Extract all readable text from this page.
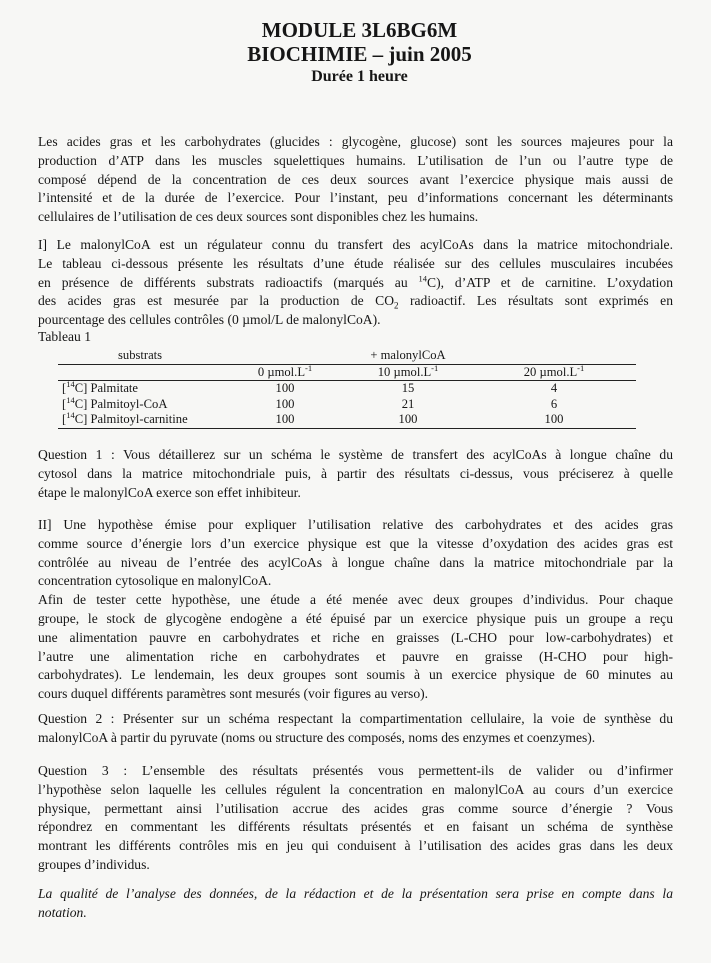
MODULE 3L6BG6M
BIOCHIMIE – juin 2005
Durée 1 heure
Les acides gras et les carbohydrates (glucides : glycogène, glucose) sont les sources majeures pour la
production d’ATP dans les muscles squelettiques humains. L’utilisation de l’un ou l’autre type de
composé dépend de la concentration de ces deux sources avant l’exercice physique mais aussi de
l’intensité et de la durée de l’exercice. Pour l’instant, peu d’informations concernant les déterminants
cellulaires de l’utilisation de ces deux sources sont disponibles chez les humains.
I] Le malonylCoA est un régulateur connu du transfert des acylCoAs dans la matrice mitochondriale.
Le tableau ci-dessous présente les résultats d’une étude réalisée sur des cellules musculaires incubées
en présence de différents substrats radioactifs (marqués au $^{14}$C), d’ATP et de carnitine. L’oxydation
des acides gras est mesurée par la production de $CO_2$ radioactif. Les résultats sont exprimés en
pourcentage des cellules contrôles (0 µmol/L de malonylCoA).
Tableau 1
substrats		+ malonylCoA	
	0 $\mu mol.L^{-1}$	10 $\mu mol.L^{-1}$	20 $\mu mol.L^{-1}$

[$^{14}$C] Palmitate	100	15	4
[$^{14}$C] Palmitoyl-CoA	100	21	6
[$^{14}$C] Palmitoyl-carnitine	100	100	100
Question 1 : Vous détaillerez sur un schéma le système de transfert des acylCoAs à longue chaîne du
cytosol dans la matrice mitochondriale puis, à partir des résultats ci-dessus, vous préciserez à quelle
étape le malonylCoA exerce son effet inhibiteur.
II] Une hypothèse émise pour expliquer l’utilisation relative des carbohydrates et des acides gras
comme source d’énergie lors d’un exercice physique est que la vitesse d’oxydation des acides gras est
contrôlée au niveau de l’entrée des acylCoAs à longue chaîne dans la matrice mitochondriale par la
concentration cytosolique en malonylCoA.
Afin de tester cette hypothèse, une étude a été menée avec deux groupes d’individus. Pour chaque
groupe, le stock de glycogène endogène a été épuisé par un exercice physique puis un groupe a reçu
une alimentation pauvre en carbohydrates et riche en graisses (L-CHO pour low-carbohydrates) et
l’autre une alimentation riche en carbohydrates et pauvre en graisse (H-CHO pour high-
carbohydrates). Le lendemain, les deux groupes sont soumis à un exercice physique de 60 minutes au
cours duquel différents paramètres sont mesurés (voir figures au verso).
Question 2 : Présenter sur un schéma respectant la compartimentation cellulaire, la voie de synthèse du
malonylCoA à partir du pyruvate (noms ou structure des composés, noms des enzymes et coenzymes).
Question 3 : L’ensemble des résultats présentés vous permettent-ils de valider ou d’infirmer
l’hypothèse selon laquelle les cellules régulent la concentration en malonylCoA au cours d’un exercice
physique, permettant ainsi l’utilisation accrue des acides gras comme source d’énergie ? Vous
répondrez en commentant les différents résultats présentés et en faisant un schéma de synthèse
montrant les différents contrôles mis en jeu qui conduisent à l’utilisation des acides gras dans les deux
groupes d’individus.
La qualité de l’analyse des données, de la rédaction et de la présentation sera prise en compte dans la
notation.
